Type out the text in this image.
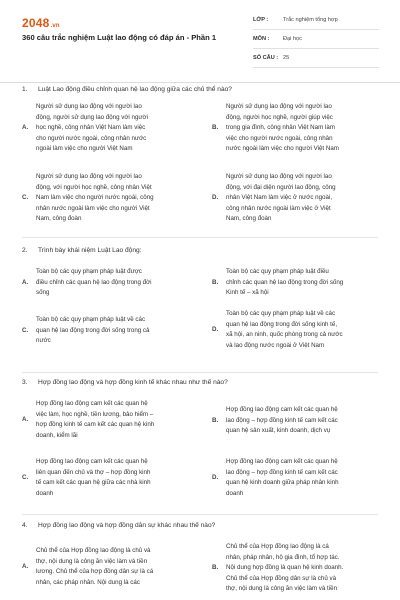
2048.vn
360 câu trắc nghiệm Luật lao động có đáp án - Phần 1
LỚP :	Trắc nghiệm tổng hợp
MÔN :	Đại học
SỐ CÂU : 25
1.	Luật Lao động điều chỉnh quan hệ lao động giữa các chủ thể nào?
A.
Người sử dụng lao động với người lao
động, người sử dụng lao động với người
học nghề, công nhân Việt Nam làm việc
cho người nước ngoài, công nhân nước
ngoài làm việc cho người Việt Nam
B.
Người sử dụng lao động với người lao
động, người học nghề, người giúp việc
trong gia đình, công nhân Việt Nam làm
việc cho người nước ngoài, công nhân
nước ngoài làm việc cho người Việt Nam
C.
Người sử dụng lao động với người lao
động, với người học nghề, công nhân Việt
Nam làm việc cho người nước ngoài, công
nhân nước ngoài làm việc cho người Việt
Nam, công đoàn
D.
Người sử dụng lao động với người lao
động, với đại diện người lao động, công
nhân Việt Nam làm việc ở nước ngoài,
công nhân nước ngoài làm việc ở Việt
Nam, công đoàn
2.	Trình bày khái niệm Luật Lao động:
A.
Toàn bộ các quy phạm pháp luật được
điều chỉnh các quan hệ lao động trong đời
sống
B.
Toàn bộ các quy phạm pháp luật điều
chỉnh các quan hệ lao động trong đời sống
Kinh tế – xã hội
C.
Toàn bộ các quy phạm pháp luật về các
quan hệ lao động trong đời sống trong cả
nước
D.
Toàn bộ các quy phạm pháp luật về các
quan hệ lao động trong đời sống kinh tế,
xã hội, an ninh, quốc phòng trong cả nước
và lao động nước ngoài ở Việt Nam
3.	Hợp đồng lao động và hợp đồng kinh tế khác nhau như thế nào?
A.
Hợp đồng lao động cam kết các quan hệ
việc làm, học nghề, tiền lương, bảo hiểm –
hợp đồng kinh tế cam kết các quan hệ kinh
doanh, kiểm lãi
B.
Hợp đồng lao động cam kết các quan hệ
lao động – hợp đồng kinh tế cam kết các
quan hệ sản xuất, kinh doanh, dịch vụ
C.
Hợp đồng lao động cam kết các quan hệ
liên quan đến chủ và thợ – hợp đồng kinh
tế cam kết các quan hệ giữa các nhà kinh
doanh
D.
Hợp đồng lao động cam kết các quan hệ
lao động – hợp đồng kinh tế cam kết các
quan hệ kinh doanh giữa pháp nhân kinh
doanh
4.	Hợp đồng lao động và hợp đồng dân sự khác nhau thế nào?
A.
Chủ thể của Hợp đồng lao động là chủ và
thợ, nội dung là công ăn việc làm và tiền
lương. Chủ thể của hợp đồng dân sự là cá
nhân, các pháp nhân. Nội dung là các
B.
Chủ thể của Hợp đồng lao động là cá
nhân, pháp nhân, hộ gia đình, tổ hợp tác.
Nội dung hợp đồng là quan hệ kinh doanh.
Chủ thể của Hợp đồng dân sự là chủ và
thợ, nội dung là công ăn việc làm và tiền
